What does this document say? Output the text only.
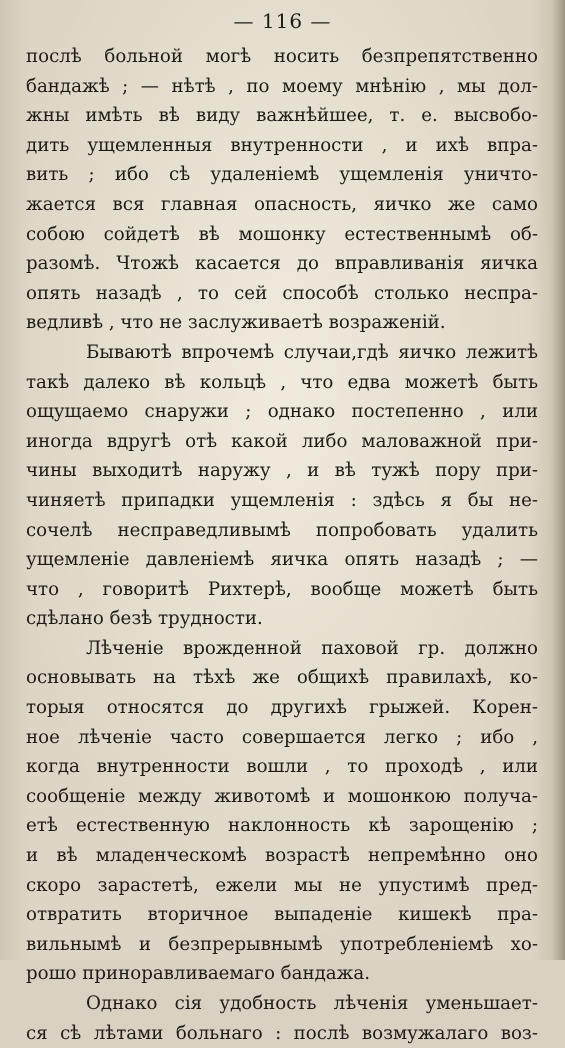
— 116 —
послѣ больной могѣ носить безпрепятственно
бандажѣ ; — нѣтѣ , по моему мнѣнію , мы дол-
жны имѣть вѣ виду важнѣйшее, т. е. высвобо-
дить ущемленныя внутренности , и ихѣ впра-
вить ; ибо сѣ удаленіемѣ ущемленія уничто-
жается вся главная опасность, яичко же само
собою сойдетѣ вѣ мошонку естественнымѣ об-
разомѣ. Чтожѣ касается до вправливанія яичка
опять назадѣ , то сей способѣ столько неспра-
ведливѣ , что не заслуживаетѣ возраженій.
Бываютѣ впрочемѣ случаи,гдѣ яичко лежитѣ
такѣ далеко вѣ кольцѣ , что едва можетѣ быть
ощущаемо снаружи ; однако постепенно , или
иногда вдругѣ отѣ какой либо маловажной при-
чины выходитѣ наружу , и вѣ тужѣ пору при-
чиняетѣ припадки ущемленія : здѣсь я бы не-
сочелѣ несправедливымѣ попробовать удалить
ущемленіе давленіемѣ яичка опять назадѣ ; —
что , говоритѣ Рихтерѣ, вообще можетѣ быть
сдѣлано безѣ трудности.
Лѣченіе врожденной паховой гр. должно
основывать на тѣхѣ же общихѣ правилахѣ, ко-
торыя относятся до другихѣ грыжей. Корен-
ное лѣченіе часто совершается легко ; ибо ,
когда внутренности вошли , то проходѣ , или
сообщеніе между животомѣ и мошонкою получа-
етѣ естественную наклонность кѣ зарощенію ;
и вѣ младенческомѣ возрастѣ непремѣнно оно
скоро зарастетѣ, ежели мы не упустимѣ пред-
отвратить вторичное выпаденіе кишекѣ пра-
вильнымѣ и безпрерывнымѣ употребленіемѣ хо-
рошо приноравливаемаго бандажа.
Однако сія удобность лѣченія уменьшает-
ся сѣ лѣтами больнаго : послѣ возмужалаго воз-
